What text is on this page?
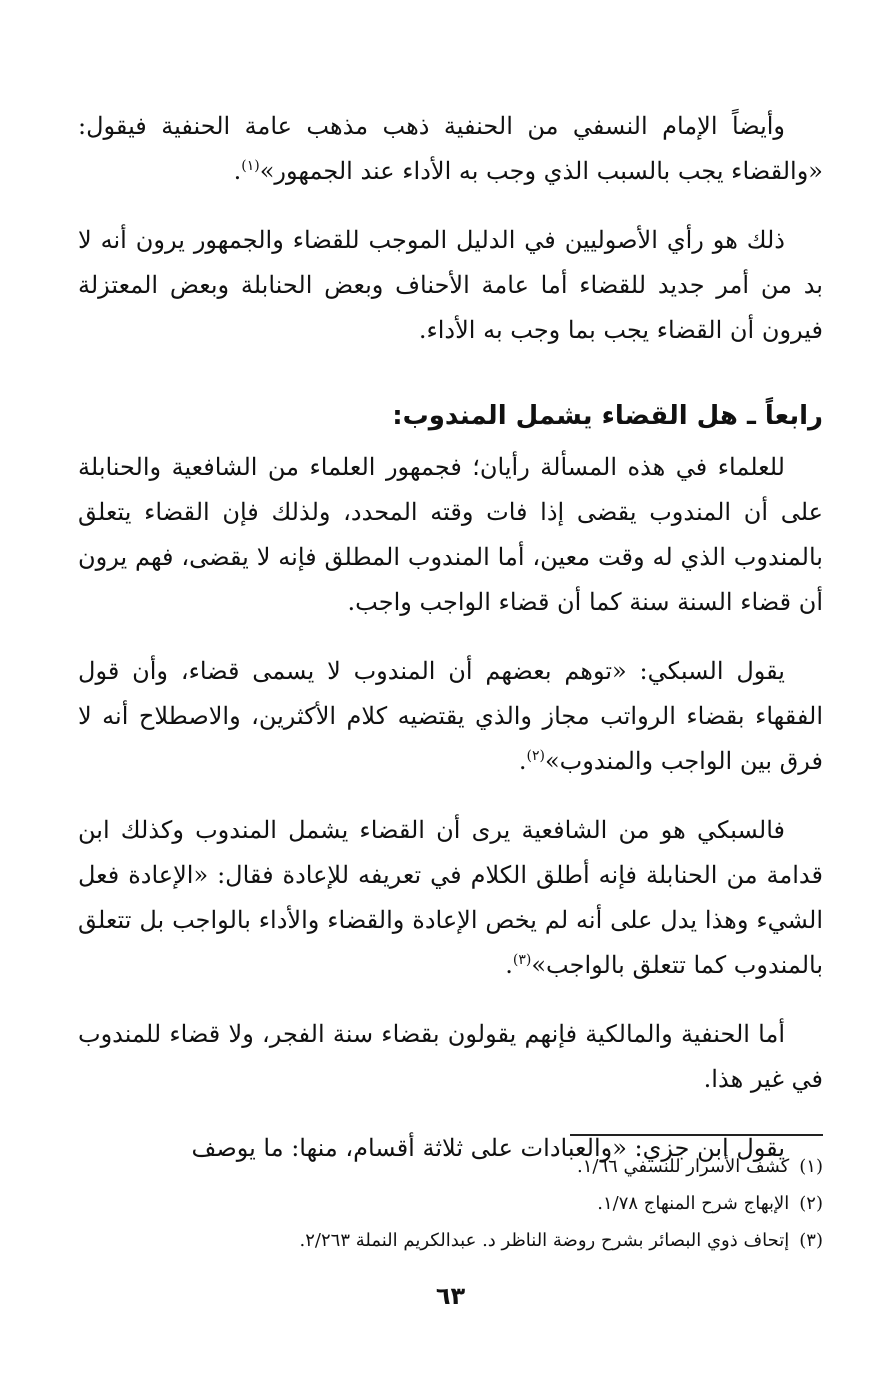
وأيضاً الإمام النسفي من الحنفية ذهب مذهب عامة الحنفية فيقول: «والقضاء يجب بالسبب الذي وجب به الأداء عند الجمهور»$^{(١)}$.

ذلك هو رأي الأصوليين في الدليل الموجب للقضاء والجمهور يرون أنه لا بد من أمر جديد للقضاء أما عامة الأحناف وبعض الحنابلة وبعض المعتزلة فيرون أن القضاء يجب بما وجب به الأداء.

رابعاً ـ هل القضاء يشمل المندوب:

للعلماء في هذه المسألة رأيان؛ فجمهور العلماء من الشافعية والحنابلة على أن المندوب يقضى إذا فات وقته المحدد، ولذلك فإن القضاء يتعلق بالمندوب الذي له وقت معين، أما المندوب المطلق فإنه لا يقضى، فهم يرون أن قضاء السنة سنة كما أن قضاء الواجب واجب.

يقول السبكي: «توهم بعضهم أن المندوب لا يسمى قضاء، وأن قول الفقهاء بقضاء الرواتب مجاز والذي يقتضيه كلام الأكثرين، والاصطلاح أنه لا فرق بين الواجب والمندوب»$^{(٢)}$.

فالسبكي هو من الشافعية يرى أن القضاء يشمل المندوب وكذلك ابن قدامة من الحنابلة فإنه أطلق الكلام في تعريفه للإعادة فقال: «الإعادة فعل الشيء وهذا يدل على أنه لم يخص الإعادة والقضاء والأداء بالواجب بل تتعلق بالمندوب كما تتعلق بالواجب»$^{(٣)}$.

أما الحنفية والمالكية فإنهم يقولون بقضاء سنة الفجر، ولا قضاء للمندوب في غير هذا.

يقول ابن جزي: «والعبادات على ثلاثة أقسام، منها: ما يوصف

(١)كشف الأسرار للنسفي ١/٦٦.

(٢)الإبهاج شرح المنهاج ١/٧٨.

(٣)إتحاف ذوي البصائر بشرح روضة الناظر د. عبدالكريم النملة ٢/٢٦٣.

٦٣
